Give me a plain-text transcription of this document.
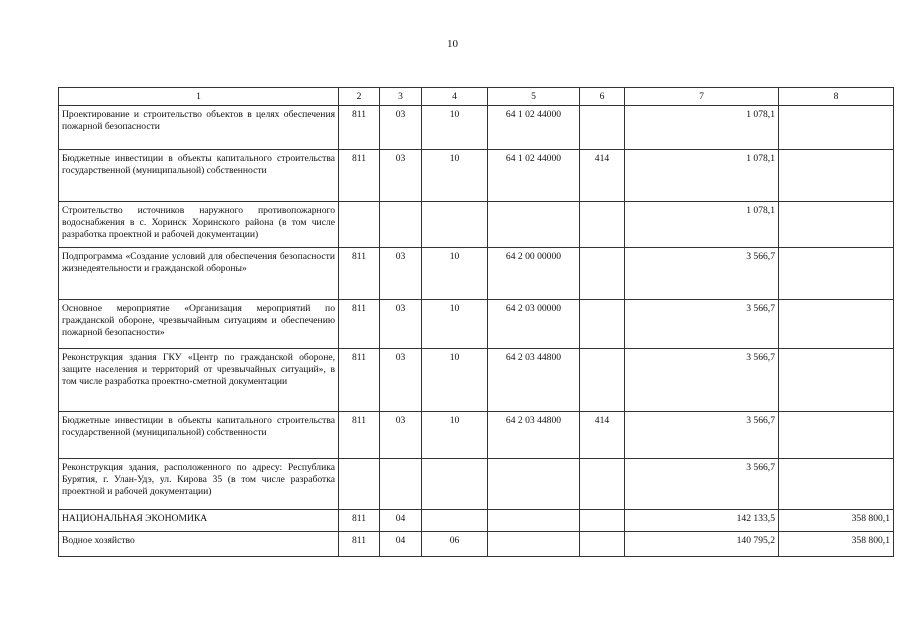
10
1	2	3	4	5	6	7	8
Проектирование и строительство объектов в целях обеспечения пожарной безопасности	811	03	10	64 1 02 44000		1 078,1	
Бюджетные инвестиции в объекты капитального строительства государственной (муниципальной) собственности	811	03	10	64 1 02 44000	414	1 078,1	
Строительство источников наружного противопожарного водоснабжения в с. Хоринск Хоринского района (в том числе разработка проектной и рабочей документации)						1 078,1	
Подпрограмма «Создание условий для обеспечения безопасности жизнедеятельности и гражданской обороны»	811	03	10	64 2 00 00000		3 566,7	
Основное мероприятие «Организация мероприятий по гражданской обороне, чрезвычайным ситуациям и обеспечению пожарной безопасности»	811	03	10	64 2 03 00000		3 566,7	
Реконструкция здания ГКУ «Центр по гражданской обороне, защите населения и территорий от чрезвычайных ситуаций», в том числе разработка проектно-сметной документации	811	03	10	64 2 03 44800		3 566,7	
Бюджетные инвестиции в объекты капитального строительства государственной (муниципальной) собственности	811	03	10	64 2 03 44800	414	3 566,7	
Реконструкция здания, расположенного по адресу: Республика Бурятия, г. Улан-Удэ, ул. Кирова 35 (в том числе разработка проектной и рабочей документации)						3 566,7	
НАЦИОНАЛЬНАЯ ЭКОНОМИКА	811	04				142 133,5	358 800,1
Водное хозяйство	811	04	06			140 795,2	358 800,1
